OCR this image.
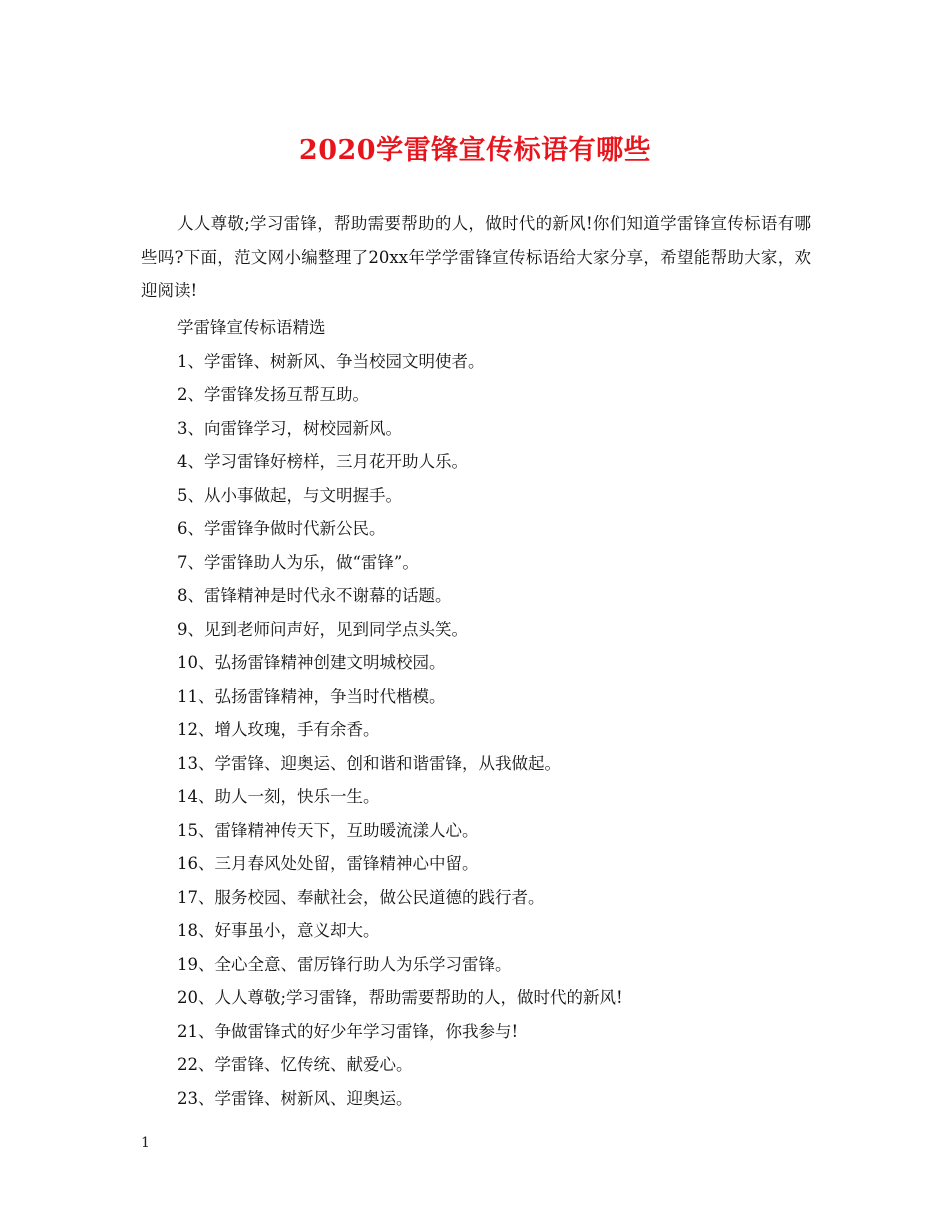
2020学雷锋宣传标语有哪些

人人尊敬;学习雷锋，帮助需要帮助的人，做时代的新风!你们知道学雷锋宣传标语有哪些吗?下面，范文网小编整理了20xx年学学雷锋宣传标语给大家分享，希望能帮助大家，欢迎阅读!

学雷锋宣传标语精选
1、学雷锋、树新风、争当校园文明使者。
2、学雷锋发扬互帮互助。
3、向雷锋学习，树校园新风。
4、学习雷锋好榜样，三月花开助人乐。
5、从小事做起，与文明握手。
6、学雷锋争做时代新公民。
7、学雷锋助人为乐，做“雷锋”。
8、雷锋精神是时代永不谢幕的话题。
9、见到老师问声好，见到同学点头笑。
10、弘扬雷锋精神创建文明城校园。
11、弘扬雷锋精神，争当时代楷模。
12、增人玫瑰，手有余香。
13、学雷锋、迎奥运、创和谐和谐雷锋，从我做起。
14、助人一刻，快乐一生。
15、雷锋精神传天下，互助暖流漾人心。
16、三月春风处处留，雷锋精神心中留。
17、服务校园、奉献社会，做公民道德的践行者。
18、好事虽小，意义却大。
19、全心全意、雷厉锋行助人为乐学习雷锋。
20、人人尊敬;学习雷锋，帮助需要帮助的人，做时代的新风!
21、争做雷锋式的好少年学习雷锋，你我参与!
22、学雷锋、忆传统、献爱心。
23、学雷锋、树新风、迎奥运。
1
